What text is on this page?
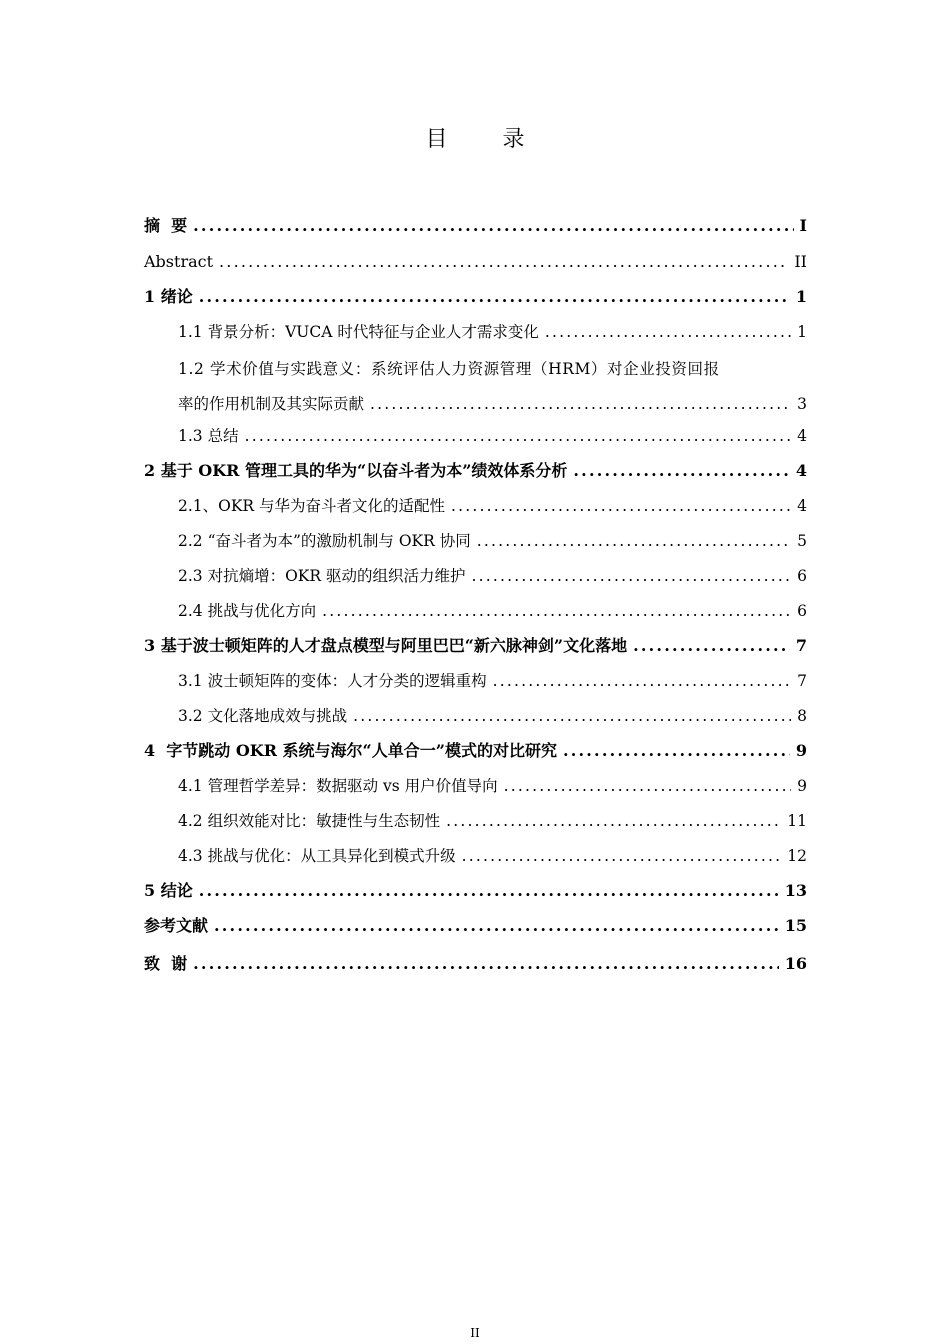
目 录
摘  要 .....	I
Abstract .....	II
1 绪论 .....	1
1.1 背景分析：VUCA 时代特征与企业人才需求变化 .....	1
1.2 学术价值与实践意义：系统评估人力资源管理（HRM）对企业投资回报
率的作用机制及其实际贡献 .....	3
1.3 总结 .....	4
2 基于 OKR 管理工具的华为“以奋斗者为本”绩效体系分析 .....	4
2.1、OKR 与华为奋斗者文化的适配性 .....	4
2.2 “奋斗者为本”的激励机制与 OKR 协同 .....	5
2.3 对抗熵增：OKR 驱动的组织活力维护 .....	6
2.4 挑战与优化方向 .....	6
3 基于波士顿矩阵的人才盘点模型与阿里巴巴“新六脉神剑”文化落地 .....	7
3.1 波士顿矩阵的变体：人才分类的逻辑重构 .....	7
3.2 文化落地成效与挑战 .....	8
4  字节跳动 OKR 系统与海尔“人单合一”模式的对比研究 .....	9
4.1 管理哲学差异：数据驱动 vs 用户价值导向 .....	9
4.2 组织效能对比：敏捷性与生态韧性 .....	11
4.3 挑战与优化：从工具异化到模式升级 .....	12
5 结论 .....	13
参考文献 .....	15
致  谢 .....	16
II
